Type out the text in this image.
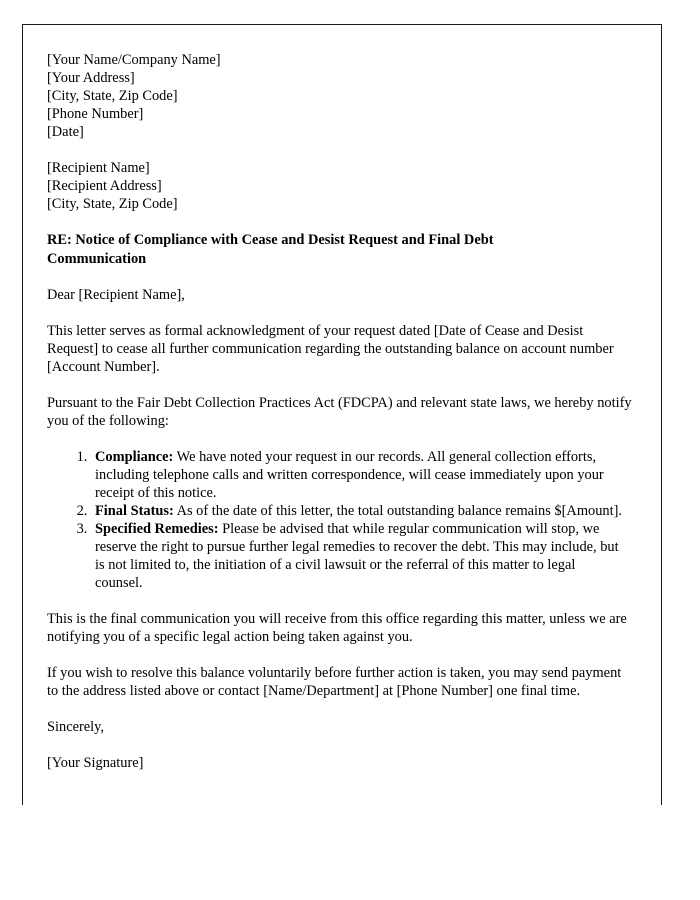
[Your Name/Company Name]
[Your Address]
[City, State, Zip Code]
[Phone Number]
[Date]
[Recipient Name]
[Recipient Address]
[City, State, Zip Code]
RE: Notice of Compliance with Cease and Desist Request and Final Debt Communication
Dear [Recipient Name],
This letter serves as formal acknowledgment of your request dated [Date of Cease and Desist Request] to cease all further communication regarding the outstanding balance on account number [Account Number].
Pursuant to the Fair Debt Collection Practices Act (FDCPA) and relevant state laws, we hereby notify you of the following:
1. Compliance: We have noted your request in our records. All general collection efforts, including telephone calls and written correspondence, will cease immediately upon your receipt of this notice.
2. Final Status: As of the date of this letter, the total outstanding balance remains $[Amount].
3. Specified Remedies: Please be advised that while regular communication will stop, we reserve the right to pursue further legal remedies to recover the debt. This may include, but is not limited to, the initiation of a civil lawsuit or the referral of this matter to legal counsel.
This is the final communication you will receive from this office regarding this matter, unless we are notifying you of a specific legal action being taken against you.
If you wish to resolve this balance voluntarily before further action is taken, you may send payment to the address listed above or contact [Name/Department] at [Phone Number] one final time.
Sincerely,
[Your Signature]
